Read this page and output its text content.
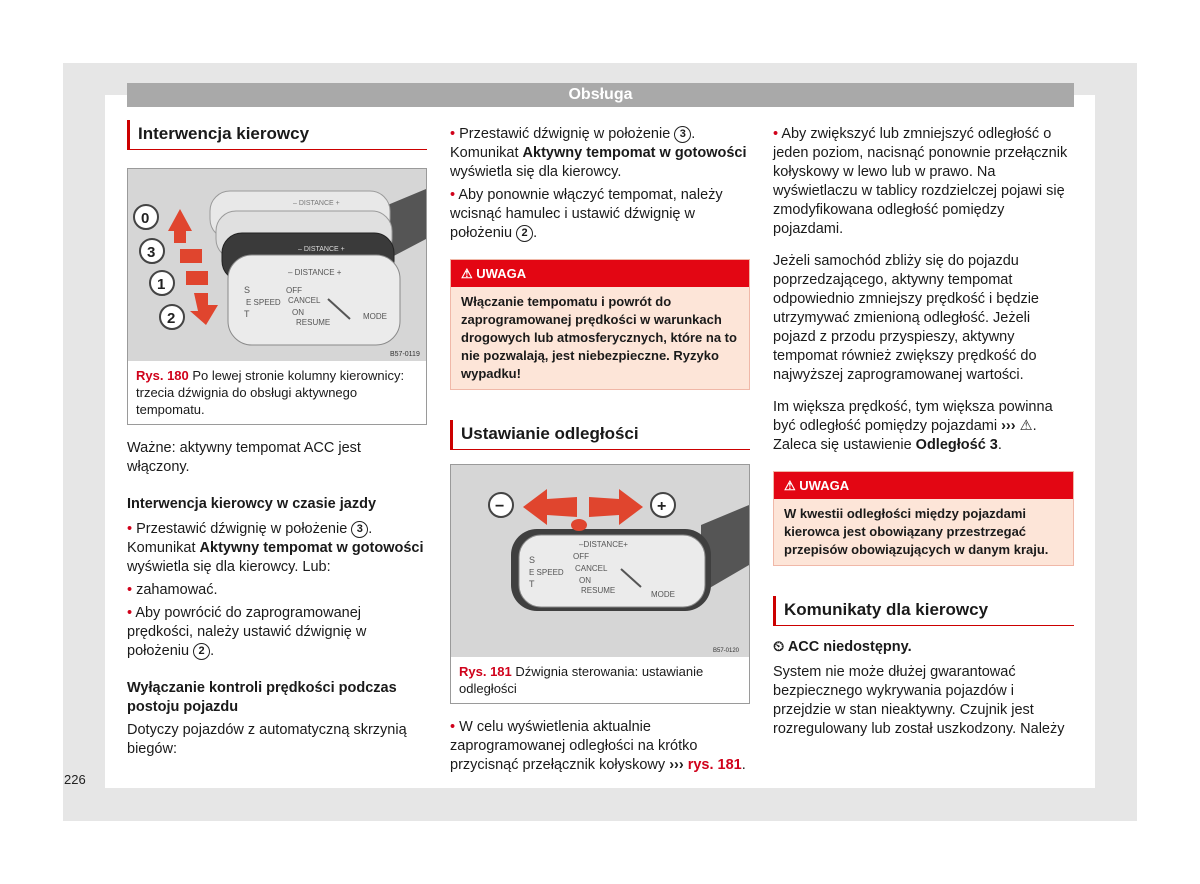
Obsługa
Interwencja kierowcy
– DISTANCE +
– DISTANCE +
– DISTANCE +
S
E SPEED
T
OFF
CANCEL
ON
RESUME
MODE
0
3
1
2
B57-0119
Rys. 180 Po lewej stronie kolumny kierownicy: trzecia dźwignia do obsługi aktywnego tempomatu.

Ważne: aktywny tempomat ACC jest włączony.

Interwencja kierowcy w czasie jazdy

• Przestawić dźwignię w położenie 3 . Komunikat Aktywny tempomat w gotowości wyświetla się dla kierowcy. Lub:

• zahamować.

• Aby powrócić do zaprogramowanej prędkości, należy ustawić dźwignię w położeniu 2 .

Wyłączanie kontroli prędkości podczas postoju pojazdu

Dotyczy pojazdów z automatyczną skrzynią biegów:

• Przestawić dźwignię w położenie 3 . Komunikat Aktywny tempomat w gotowości wyświetla się dla kierowcy.

• Aby ponownie włączyć tempomat, należy wcisnąć hamulec i ustawić dźwignię w położeniu 2 .

⚠ UWAGA
Włączanie tempomatu i powrót do zaprogramowanej prędkości w warunkach drogowych lub atmosferycznych, które na to nie pozwalają, jest niebezpieczne. Ryzyko wypadku!
Ustawianie odległości
–DISTANCE+
S
E SPEED
T
OFF
CANCEL
ON
RESUME	MODE
−	+
B57-0120
Rys. 181 Dźwignia sterowania: ustawianie odległości

• W celu wyświetlenia aktualnie zaprogramowanej odległości na krótko przycisnąć przełącznik kołyskowy ››› rys. 181.

• Aby zwiększyć lub zmniejszyć odległość o jeden poziom, nacisnąć ponownie przełącznik kołyskowy w lewo lub w prawo. Na wyświetlaczu w tablicy rozdzielczej pojawi się zmodyfikowana odległość pomiędzy pojazdami.

Jeżeli samochód zbliży się do pojazdu poprzedzającego, aktywny tempomat odpowiednio zmniejszy prędkość i będzie utrzymywać zmienioną odległość. Jeżeli pojazd z przodu przyspieszy, aktywny tempomat również zwiększy prędkość do najwyższej zaprogramowanej wartości.

Im większa prędkość, tym większa powinna być odległość pomiędzy pojazdami ››› ⚠. Zaleca się ustawienie Odległość 3.

⚠ UWAGA
W kwestii odległości między pojazdami kierowca jest obowiązany przestrzegać przepisów obowiązujących w danym kraju.
Komunikaty dla kierowcy

⏲ ACC niedostępny.

System nie może dłużej gwarantować bezpiecznego wykrywania pojazdów i przejdzie w stan nieaktywny. Czujnik jest rozregulowany lub został uszkodzony. Należy

226
